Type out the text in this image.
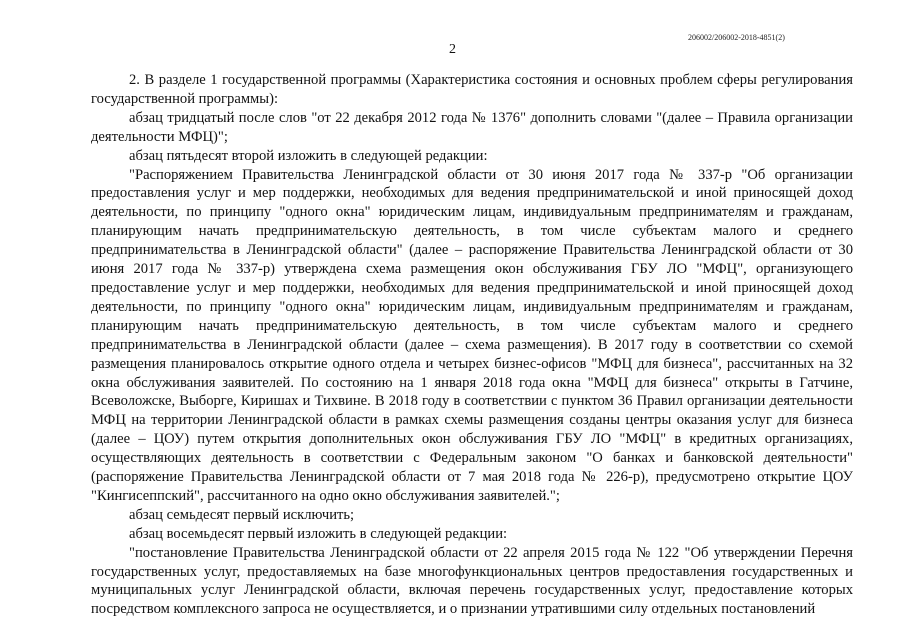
206002/206002-2018-4851(2)
2

2. В разделе 1 государственной программы (Характеристика состояния и основных проблем сферы регулирования государственной программы):

абзац тридцатый после слов "от 22 декабря 2012 года № 1376" дополнить словами "(далее – Правила организации деятельности МФЦ)";

абзац пятьдесят второй изложить в следующей редакции:

"Распоряжением Правительства Ленинградской области от 30 июня 2017 года № 337-р "Об организации предоставления услуг и мер поддержки, необходимых для ведения предпринимательской и иной приносящей доход деятельности, по принципу "одного окна" юридическим лицам, индивидуальным предпринимателям и гражданам, планирующим начать предпринимательскую деятельность, в том числе субъектам малого и среднего предпринимательства в Ленинградской области" (далее – распоряжение Правительства Ленинградской области от 30 июня 2017 года № 337-р) утверждена схема размещения окон обслуживания ГБУ ЛО "МФЦ", организующего предоставление услуг и мер поддержки, необходимых для ведения предпринимательской и иной приносящей доход деятельности, по принципу "одного окна" юридическим лицам, индивидуальным предпринимателям и гражданам, планирующим начать предпринимательскую деятельность, в том числе субъектам малого и среднего предпринимательства в Ленинградской области (далее – схема размещения). В 2017 году в соответствии со схемой размещения планировалось открытие одного отдела и четырех бизнес-офисов "МФЦ для бизнеса", рассчитанных на 32 окна обслуживания заявителей. По состоянию на 1 января 2018 года окна "МФЦ для бизнеса" открыты в Гатчине, Всеволожске, Выборге, Киришах и Тихвине. В 2018 году в соответствии с пунктом 36 Правил организации деятельности МФЦ на территории Ленинградской области в рамках схемы размещения созданы центры оказания услуг для бизнеса (далее – ЦОУ) путем открытия дополнительных окон обслуживания ГБУ ЛО "МФЦ" в кредитных организациях, осуществляющих деятельность в соответствии с Федеральным законом "О банках и банковской деятельности" (распоряжение Правительства Ленинградской области от 7 мая 2018 года № 226-р), предусмотрено открытие ЦОУ "Кингисеппский", рассчитанного на одно окно обслуживания заявителей.";

абзац семьдесят первый исключить;

абзац восемьдесят первый изложить в следующей редакции:

"постановление Правительства Ленинградской области от 22 апреля 2015 года № 122 "Об утверждении Перечня государственных услуг, предоставляемых на базе многофункциональных центров предоставления государственных и муниципальных услуг Ленинградской области, включая перечень государственных услуг, предоставление которых посредством комплексного запроса не осуществляется, и о признании утратившими силу отдельных постановлений
